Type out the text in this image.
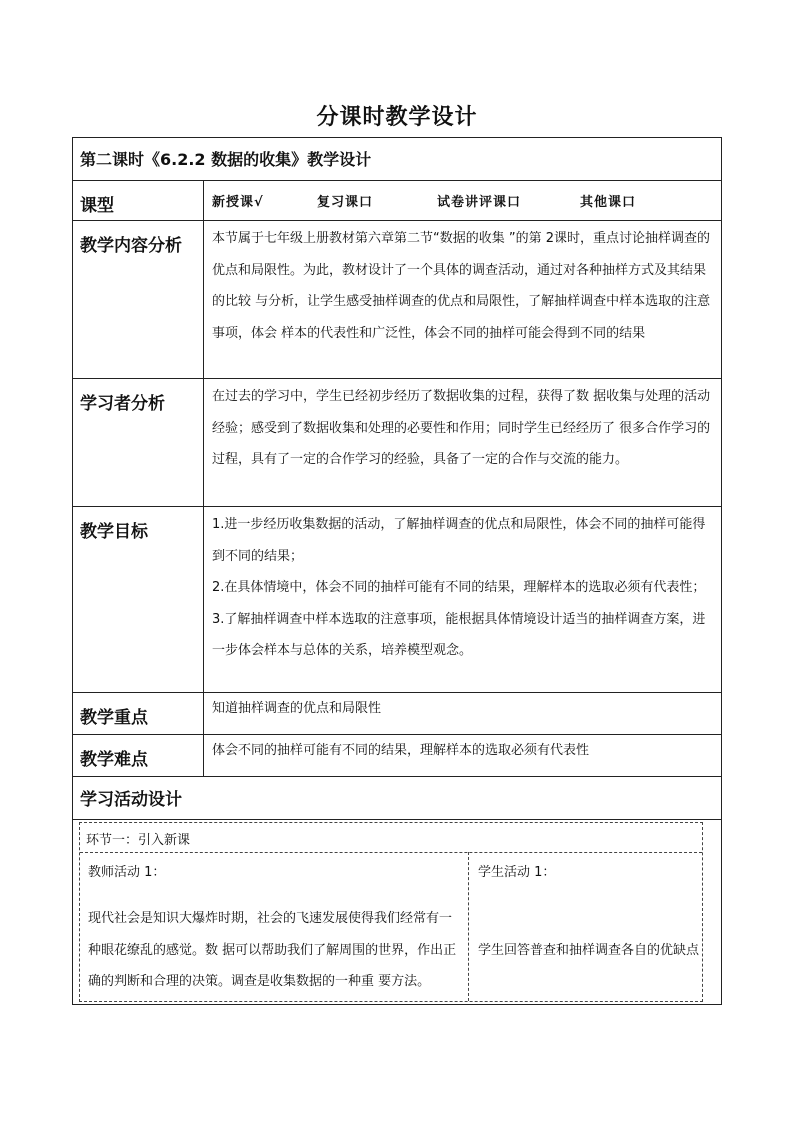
分课时教学设计
第二课时《6.2.2 数据的收集》教学设计
课型	新授课√	复习课口	试卷讲评课口	其他课口
教学内容分析	本节属于七年级上册教材第六章第二节“数据的收集 ”的第 2课时，重点讨论抽样调查的优点和局限性。为此，教材设计了一个具体的调查活动，通过对各种抽样方式及其结果的比较 与分析，让学生感受抽样调查的优点和局限性，了解抽样调查中样本选取的注意事项，体会 样本的代表性和广泛性，体会不同的抽样可能会得到不同的结果
学习者分析	在过去的学习中，学生已经初步经历了数据收集的过程，获得了数 据收集与处理的活动经验；感受到了数据收集和处理的必要性和作用；同时学生已经经历了 很多合作学习的过程，具有了一定的合作学习的经验，具备了一定的合作与交流的能力。
教学目标	1.进一步经历收集数据的活动，了解抽样调查的优点和局限性，体会不同的抽样可能得到不同的结果；
2.在具体情境中，体会不同的抽样可能有不同的结果，理解样本的选取必须有代表性；
3.了解抽样调查中样本选取的注意事项，能根据具体情境设计适当的抽样调查方案，进一步体会样本与总体的关系，培养模型观念。
教学重点	知道抽样调查的优点和局限性
教学难点	体会不同的抽样可能有不同的结果，理解样本的选取必须有代表性
学习活动设计
环节一：引入新课
教师活动 1：
现代社会是知识大爆炸时期，社会的飞速发展使得我们经常有一种眼花缭乱的感觉。数 据可以帮助我们了解周围的世界，作出正确的判断和合理的决策。调查是收集数据的一种重 要方法。
学生活动 1：
学生回答普查和抽样调查各自的优缺点
